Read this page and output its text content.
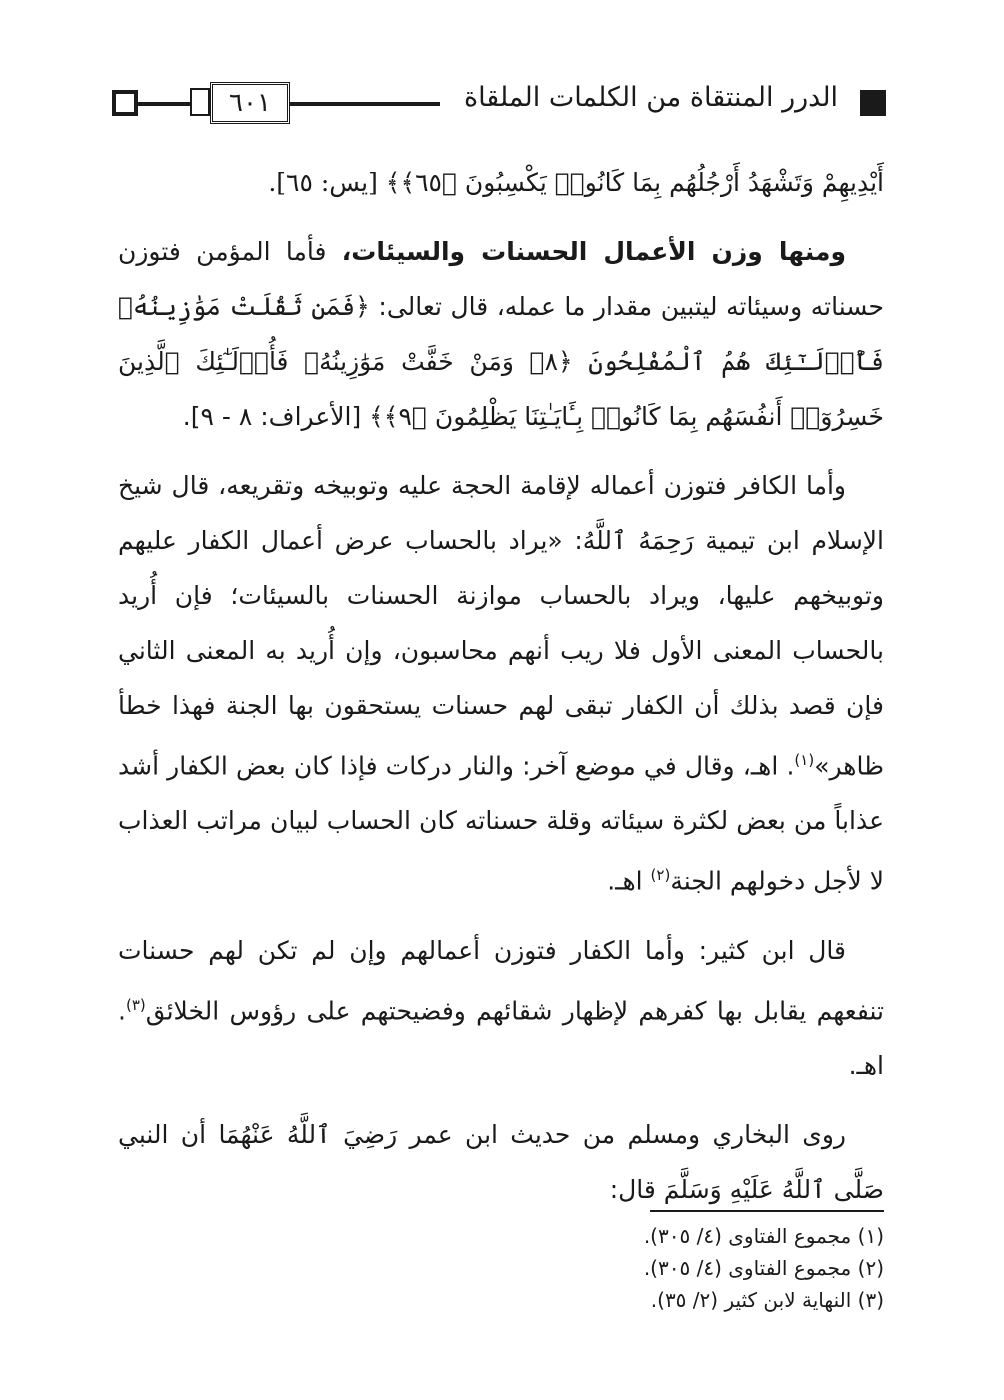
٦٠١	الدرر المنتقاة من الكلمات الملقاة

أَيْدِيهِمْ وَتَشْهَدُ أَرْجُلُهُم بِمَا كَانُوا۟ يَكْسِبُونَ ﴿٦٥﴾﴾ [يس: ٦٥].

ومنها وزن الأعمال الحسنات والسيئات، فأما المؤمن فتوزن حسناته وسيئاته ليتبين مقدار ما عمله، قال تعالى: ﴿فَمَن ثَقُلَتْ مَوَٰزِينُهُۥ فَأُو۟لَـٰٓئِكَ هُمُ ٱلْمُفْلِحُونَ ﴿٨﴾ وَمَنْ خَفَّتْ مَوَٰزِينُهُۥ فَأُو۟لَـٰٓئِكَ ٱلَّذِينَ خَسِرُوٓا۟ أَنفُسَهُم بِمَا كَانُوا۟ بِـَٔايَـٰتِنَا يَظْلِمُونَ ﴿٩﴾﴾ [الأعراف: ٨ - ٩].

وأما الكافر فتوزن أعماله لإقامة الحجة عليه وتوبيخه وتقريعه، قال شيخ الإسلام ابن تيمية رَحِمَهُ ٱللَّهُ: «يراد بالحساب عرض أعمال الكفار عليهم وتوبيخهم عليها، ويراد بالحساب موازنة الحسنات بالسيئات؛ فإن أُريد بالحساب المعنى الأول فلا ريب أنهم محاسبون، وإن أُريد به المعنى الثاني فإن قصد بذلك أن الكفار تبقى لهم حسنات يستحقون بها الجنة فهذا خطأ ظاهر»$^{(١)}$. اهـ، وقال في موضع آخر: والنار دركات فإذا كان بعض الكفار أشد عذاباً من بعض لكثرة سيئاته وقلة حسناته كان الحساب لبيان مراتب العذاب لا لأجل دخولهم الجنة$^{(٢)}$ اهـ.

قال ابن كثير: وأما الكفار فتوزن أعمالهم وإن لم تكن لهم حسنات تنفعهم يقابل بها كفرهم لإظهار شقائهم وفضيحتهم على رؤوس الخلائق$^{(٣)}$. اهـ.

روى البخاري ومسلم من حديث ابن عمر رَضِيَ ٱللَّهُ عَنْهُمَا أن النبي صَلَّى ٱللَّهُ عَلَيْهِ وَسَلَّمَ قال:

(١) مجموع الفتاوى (٤/ ٣٠٥).
(٢) مجموع الفتاوى (٤/ ٣٠٥).
(٣) النهاية لابن كثير (٢/ ٣٥).
